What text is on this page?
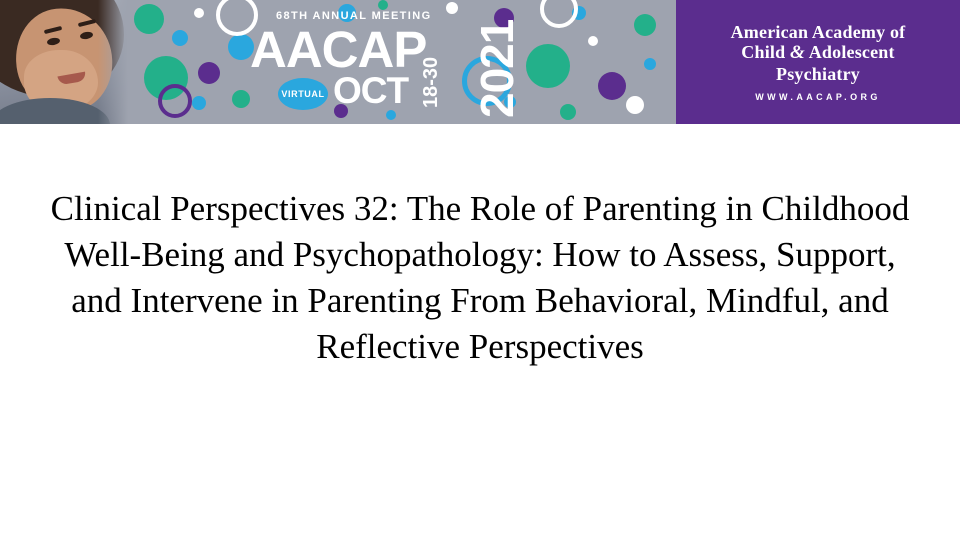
68TH ANNUAL MEETING
AACAP
VIRTUAL OCT 18-30 2021	American Academy of
Child & Adolescent
Psychiatry
WWW.AACAP.ORG
Clinical Perspectives 32: The Role of Parenting in Childhood Well-Being and Psychopathology: How to Assess, Support, and Intervene in Parenting From Behavioral, Mindful, and Reflective Perspectives
